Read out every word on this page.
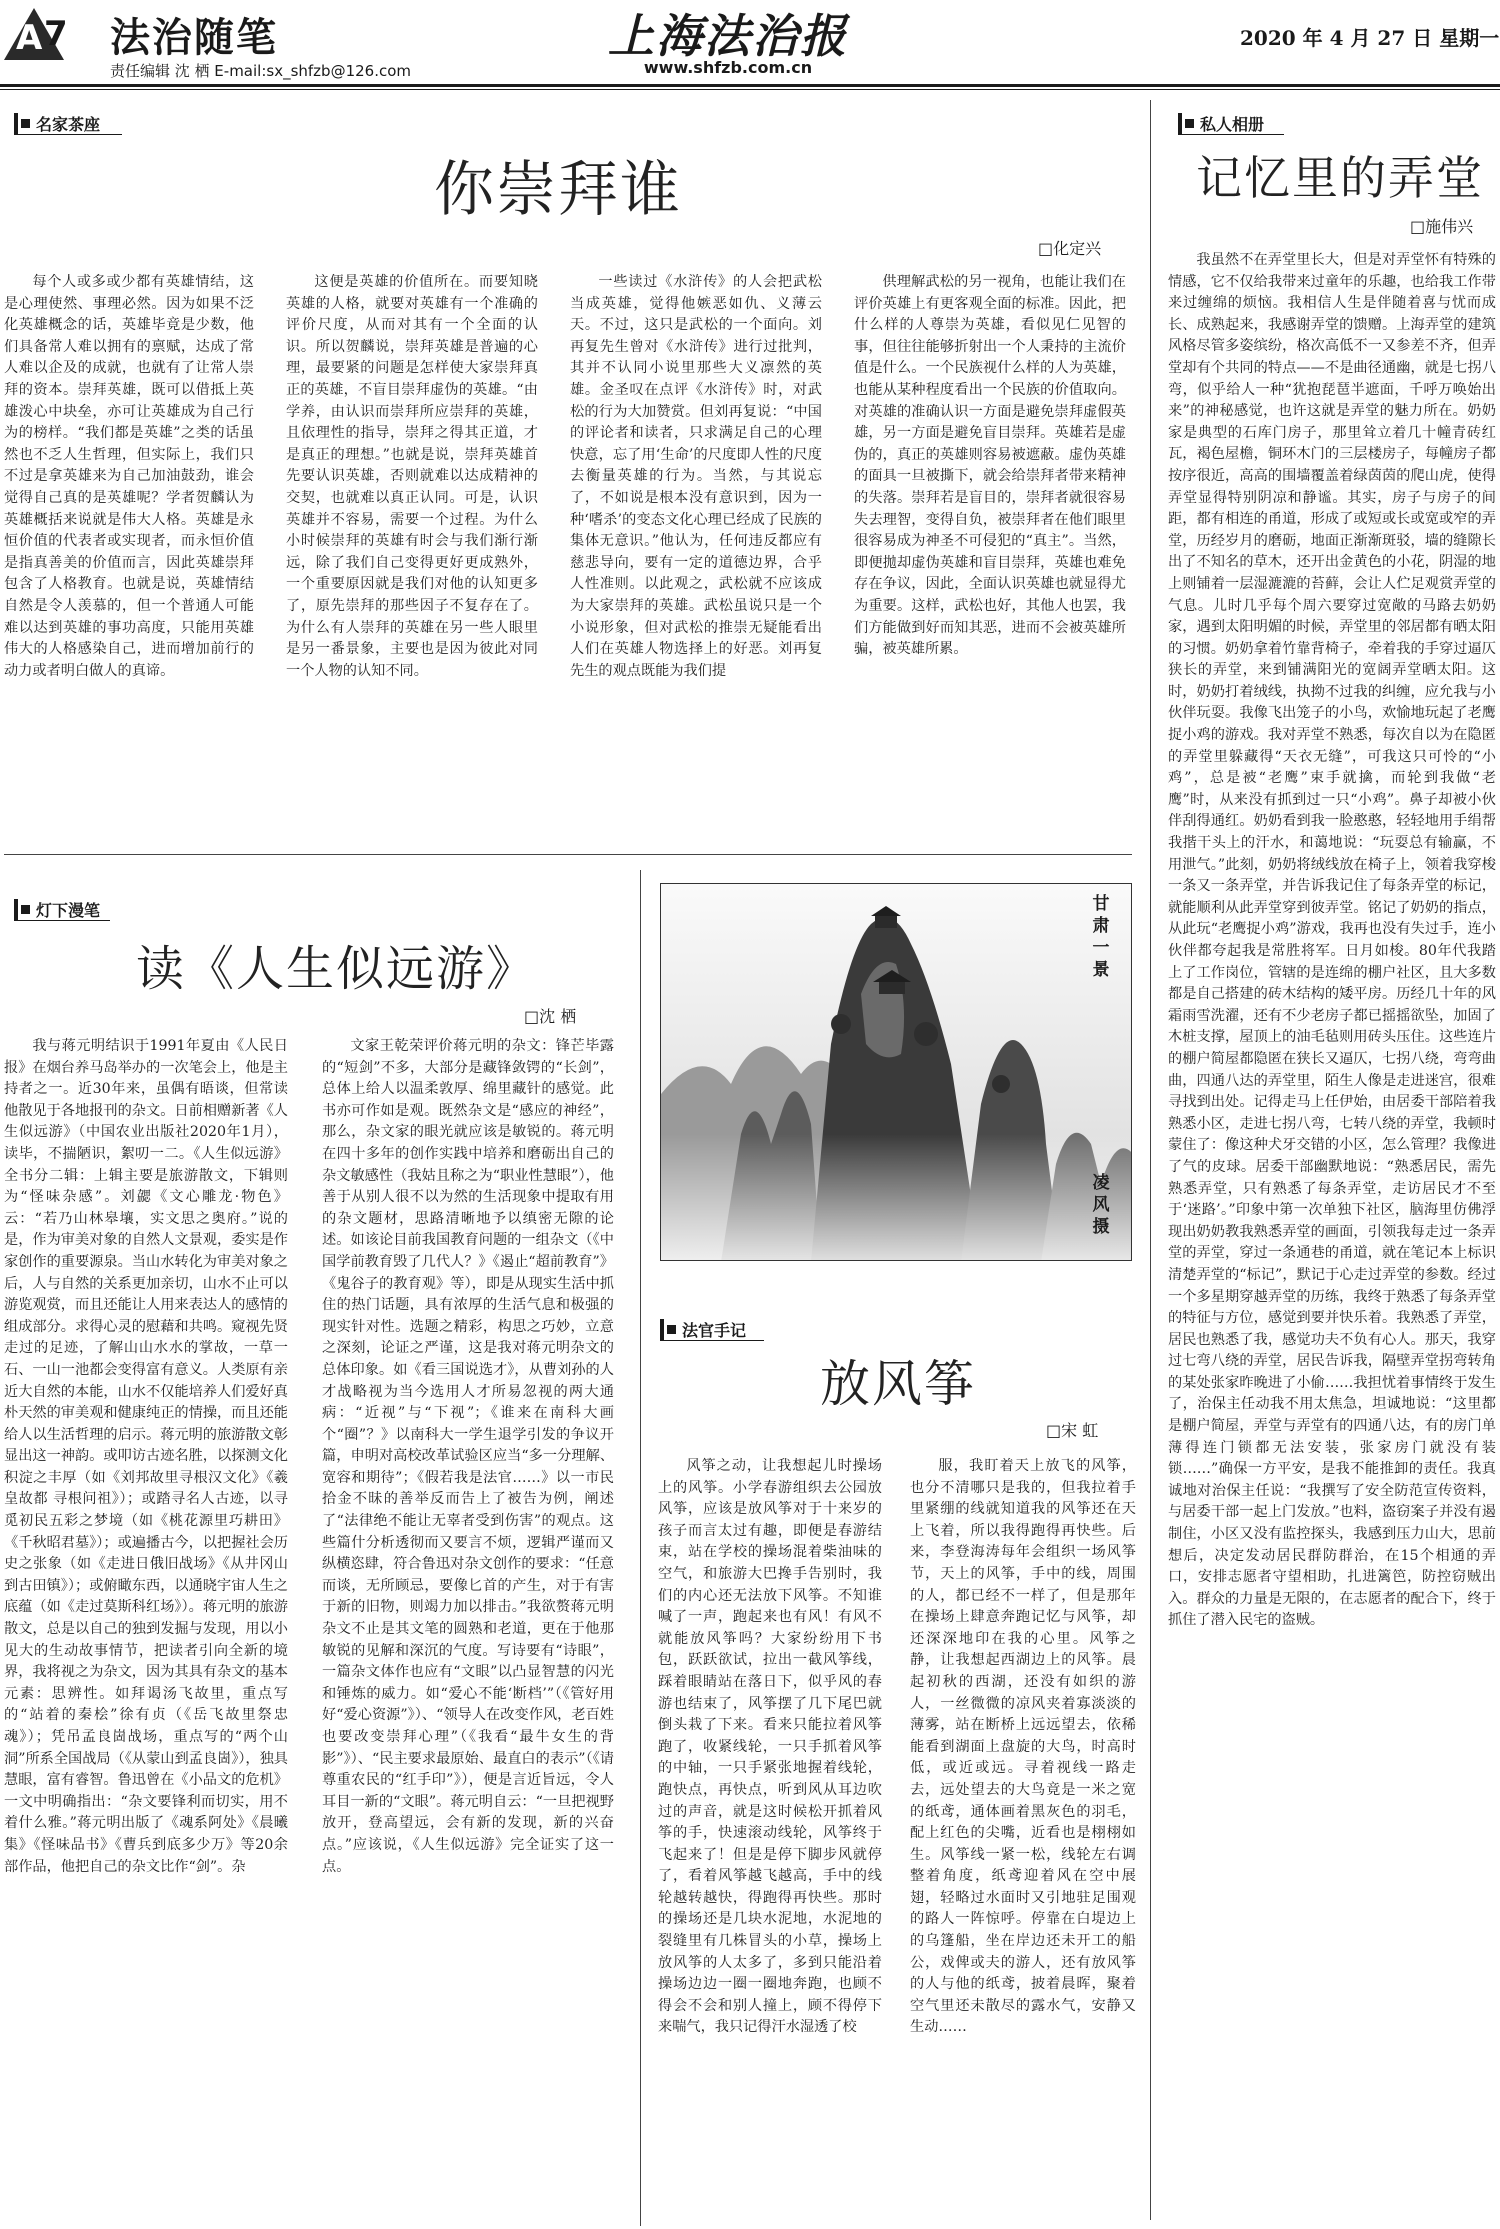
A 7 法治随笔
责任编辑 沈 栖 E-mail:sx_shfzb@126.com
上海法治报
www.shfzb.com.cn
2020 年 4 月 27 日 星期一
名家茶座
你崇拜谁
□化定兴

每个人或多或少都有英雄情结，这是心理使然、事理必然。因为如果不泛化英雄概念的话，英雄毕竟是少数，他们具备常人难以拥有的禀赋，达成了常人难以企及的成就，也就有了让常人崇拜的资本。崇拜英雄，既可以借抵上英雄泼心中块垒，亦可让英雄成为自己行为的榜样。“我们都是英雄”之类的话虽然也不乏人生哲理，但实际上，我们只不过是拿英雄来为自己加油鼓劲，谁会觉得自己真的是英雄呢？学者贺麟认为英雄概括来说就是伟大人格。英雄是永恒价值的代表者或实现者，而永恒价值是指真善美的价值而言，因此英雄崇拜包含了人格教育。也就是说，英雄情结自然是令人羡慕的，但一个普通人可能难以达到英雄的事功高度，只能用英雄伟大的人格感染自己，进而增加前行的动力或者明白做人的真谛。

这便是英雄的价值所在。而要知晓英雄的人格，就要对英雄有一个准确的评价尺度，从而对其有一个全面的认识。所以贺麟说，崇拜英雄是普遍的心理，最要紧的问题是怎样使大家崇拜真正的英雄，不盲目崇拜虚伪的英雄。“由学养，由认识而崇拜所应崇拜的英雄，且依理性的指导，崇拜之得其正道，才是真正的理想。”也就是说，崇拜英雄首先要认识英雄，否则就难以达成精神的交契，也就难以真正认同。可是，认识英雄并不容易，需要一个过程。为什么小时候崇拜的英雄有时会与我们渐行渐远，除了我们自己变得更好更成熟外，一个重要原因就是我们对他的认知更多了，原先崇拜的那些因子不复存在了。为什么有人崇拜的英雄在另一些人眼里是另一番景象，主要也是因为彼此对同一个人物的认知不同。

一些读过《水浒传》的人会把武松当成英雄，觉得他嫉恶如仇、义薄云天。不过，这只是武松的一个面向。刘再复先生曾对《水浒传》进行过批判，其并不认同小说里那些大义凛然的英雄。金圣叹在点评《水浒传》时，对武松的行为大加赞赏。但刘再复说：“中国的评论者和读者，只求满足自己的心理快意，忘了用‘生命’的尺度即人性的尺度去衡量英雄的行为。当然，与其说忘了，不如说是根本没有意识到，因为一种‘嗜杀’的变态文化心理已经成了民族的集体无意识。”他认为，任何违反都应有慈悲导向，要有一定的道德边界，合乎人性准则。以此观之，武松就不应该成为大家崇拜的英雄。武松虽说只是一个小说形象，但对武松的推崇无疑能看出人们在英雄人物选择上的好恶。刘再复先生的观点既能为我们提

供理解武松的另一视角，也能让我们在评价英雄上有更客观全面的标准。因此，把什么样的人尊崇为英雄，看似见仁见智的事，但往往能够折射出一个人秉持的主流价值是什么。一个民族视什么样的人为英雄，也能从某种程度看出一个民族的价值取向。对英雄的准确认识一方面是避免崇拜虚假英雄，另一方面是避免盲目崇拜。英雄若是虚伪的，真正的英雄则容易被遮蔽。虚伪英雄的面具一旦被撕下，就会给崇拜者带来精神的失落。崇拜若是盲目的，崇拜者就很容易失去理智，变得自负，被崇拜者在他们眼里很容易成为神圣不可侵犯的“真主”。当然，即便拋却虚伪英雄和盲目崇拜，英雄也难免存在争议，因此，全面认识英雄也就显得尤为重要。这样，武松也好，其他人也罢，我们方能做到好而知其恶，进而不会被英雄所骗，被英雄所累。

私人相册
记忆里的弄堂
□施伟兴

我虽然不在弄堂里长大，但是对弄堂怀有特殊的情感，它不仅给我带来过童年的乐趣，也给我工作带来过缠绵的烦恼。我相信人生是伴随着喜与忧而成长、成熟起来，我感谢弄堂的馈赠。上海弄堂的建筑风格尽管多姿缤纷，格次高低不一又参差不齐，但弄堂却有个共同的特点——不是曲径通幽，就是七拐八弯，似乎给人一种“犹抱琵琶半遮面，千呼万唤始出来”的神秘感觉，也许这就是弄堂的魅力所在。奶奶家是典型的石库门房子，那里耸立着几十幢青砖红瓦，褐色屋檐，铜环木门的三层楼房子，每幢房子都按序很近，高高的围墙覆盖着绿茵茵的爬山虎，使得弄堂显得特别阴凉和静谧。其实，房子与房子的间距，都有相连的甬道，形成了或短或长或宽或窄的弄堂，历经岁月的磨砺，地面正渐渐斑驳，墙的缝隙长出了不知名的草木，还开出金黄色的小花，阴湿的地上则铺着一层湿漉漉的苔藓，会让人伫足观赏弄堂的气息。儿时几乎每个周六要穿过宽敞的马路去奶奶家，遇到太阳明媚的时候，弄堂里的邻居都有晒太阳的习惯。奶奶拿着竹靠背椅子，牵着我的手穿过逼仄狭长的弄堂，来到铺满阳光的宽阔弄堂晒太阳。这时，奶奶打着绒线，执拗不过我的纠缠，应允我与小伙伴玩耍。我像飞出笼子的小鸟，欢愉地玩起了老鹰捉小鸡的游戏。我对弄堂不熟悉，每次自以为在隐匿的弄堂里躲藏得“天衣无缝”，可我这只可怜的“小鸡”，总是被“老鹰”束手就擒，而轮到我做“老鹰”时，从来没有抓到过一只“小鸡”。鼻子却被小伙伴刮得通红。奶奶看到我一脸憨憨，轻轻地用手绢帮我揩干头上的汗水，和蔼地说：“玩耍总有输赢，不用泄气。”此刻，奶奶将绒线放在椅子上，领着我穿梭一条又一条弄堂，并告诉我记住了每条弄堂的标记，就能顺利从此弄堂穿到彼弄堂。铭记了奶奶的指点，从此玩“老鹰捉小鸡”游戏，我再也没有失过手，连小伙伴都夸起我是常胜将军。日月如梭。80年代我踏上了工作岗位，管辖的是连绵的棚户社区，且大多数都是自己搭建的砖木结构的矮平房。历经几十年的风霜雨雪洗濯，还有不少老房子都已摇摇欲坠，加固了木桩支撑，屋顶上的油毛毡则用砖头压住。这些连片的棚户简屋都隐匿在狭长又逼仄，七拐八绕，弯弯曲曲，四通八达的弄堂里，陌生人像是走进迷宫，很难寻找到出处。记得走马上任伊始，由居委干部陪着我熟悉小区，走进七拐八弯，七转八绕的弄堂，我顿时蒙住了：像这种犬牙交错的小区，怎么管理？我像进了气的皮球。居委干部幽默地说：“熟悉居民，需先熟悉弄堂，只有熟悉了每条弄堂，走访居民才不至于‘迷路’。”印象中第一次单独下社区，脑海里仿佛浮现出奶奶教我熟悉弄堂的画面，引领我每走过一条弄堂的弄堂，穿过一条通巷的甬道，就在笔记本上标识清楚弄堂的“标记”，默记于心走过弄堂的参数。经过一个多星期穿越弄堂的历练，我终于熟悉了每条弄堂的特征与方位，感觉到要并快乐着。我熟悉了弄堂，居民也熟悉了我，感觉功夫不负有心人。那天，我穿过七弯八绕的弄堂，居民告诉我，隔壁弄堂拐弯转角的某处张家昨晚进了小偷……我担忧着事情终于发生了，治保主任动我不用太焦急，坦诚地说：“这里都是棚户简屋，弄堂与弄堂有的四通八达，有的房门单薄得连门锁都无法安装，张家房门就没有装锁……”确保一方平安，是我不能推卸的责任。我真诚地对治保主任说：“我撰写了安全防范宣传资料，与居委干部一起上门发放。”也料，盗窃案子并没有遏制住，小区又没有监控探头，我感到压力山大，思前想后，决定发动居民群防群治，在15个相通的弄口，安排志愿者守望相助，扎进篱笆，防控窃贼出入。群众的力量是无限的，在志愿者的配合下，终于抓住了潜入民宅的盗贼。

灯下漫笔
读《人生似远游》
□沈 栖

我与蒋元明结识于1991年夏由《人民日报》在烟台养马岛举办的一次笔会上，他是主持者之一。近30年来，虽偶有晤谈，但常读他散见于各地报刊的杂文。日前相赠新著《人生似远游》（中国农业出版社2020年1月），读毕，不揣陋识，絮叨一二。《人生似远游》全书分二辑：上辑主要是旅游散文，下辑则为“怪味杂感”。刘勰《文心雕龙·物色》云：“若乃山林皋壤，实文思之奥府。”说的是，作为审美对象的自然人文景观，委实是作家创作的重要源泉。当山水转化为审美对象之后，人与自然的关系更加亲切，山水不止可以游览观赏，而且还能让人用来表达人的感情的组成部分。求得心灵的慰藉和共鸣。窥视先贤走过的足迹，了解山山水水的掌故，一草一石、一山一池都会变得富有意义。人类原有亲近大自然的本能，山水不仅能培养人们爱好真朴天然的审美观和健康纯正的情操，而且还能给人以生活哲理的启示。蒋元明的旅游散文彰显出这一神韵。或叩访古迹名胜，以探测文化积淀之丰厚（如《刘邦故里寻根汉文化》《羲皇故都 寻根问祖》）；或踏寻名人古迹，以寻觅初民五彩之梦境（如《桃花源里巧耕田》《千秋昭君墓》）；或遍播古今，以把握社会历史之张象（如《走进日俄旧战场》《从井冈山到古田镇》）；或俯瞰东西，以通晓宇宙人生之底蕴（如《走过莫斯科红场》）。蒋元明的旅游散文，总是以自己的独到发掘与发现，用以小见大的生动故事情节，把读者引向全新的境界，我将视之为杂文，因为其具有杂文的基本元素：思辨性。如拜谒汤飞故里，重点写的“站着的秦桧”徐有贞（《岳飞故里祭忠魂》）；凭吊孟良崮战场，重点写的“两个山洞”所系全国战局（《从蒙山到孟良崮》），独具慧眼，富有睿智。鲁迅曾在《小品文的危机》一文中明确指出：“杂文要锋利而切实，用不着什么雅。”蒋元明出版了《魂系阿处》《晨曦集》《怪味品书》《曹兵到底多少万》等20余部作品，他把自己的杂文比作“剑”。杂

文家王乾荣评价蒋元明的杂文：锋芒毕露的“短剑”不多，大部分是藏锋敛锷的“长剑”，总体上给人以温柔敦厚、绵里藏针的感觉。此书亦可作如是观。既然杂文是“感应的神经”，那么，杂文家的眼光就应该是敏锐的。蒋元明在四十多年的创作实践中培养和磨砺出自己的杂文敏感性（我姑且称之为“职业性慧眼”），他善于从别人很不以为然的生活现象中提取有用的杂文题材，思路清晰地予以缜密无隙的论述。如该论目前我国教育问题的一组杂文（《中国学前教育毁了几代人？》《遏止“超前教育”》《鬼谷子的教育观》等），即是从现实生活中抓住的热门话题，具有浓厚的生活气息和极强的现实针对性。选题之精彩，构思之巧妙，立意之深刻，论证之严谨，这是我对蒋元明杂文的总体印象。如《看三国说选才》，从曹刘孙的人才战略视为当今选用人才所易忽视的两大通病：“近视”与“下视”；《谁来在南科大画个“圈”？》以南科大一学生退学引发的争议开篇，申明对高校改革试验区应当“多一分理解、宽容和期待”；《假若我是法官……》以一市民拾金不昧的善举反而告上了被告为例，阐述了“法律绝不能让无辜者受到伤害”的观点。这些篇什分析透彻而又要言不烦，逻辑严谨而又纵横恣肆，符合鲁迅对杂文创作的要求：“任意而谈，无所顾忌，要像匕首的产生，对于有害于新的旧物，则竭力加以排击。”我欲赘蒋元明杂文不止是其文笔的圆熟和老道，更在于他那敏锐的见解和深沉的气度。写诗要有“诗眼”，一篇杂文体作也应有“文眼”以凸显智慧的闪光和锤炼的威力。如“爱心不能‘断档’”（《管好用好“爱心资源”》）、“领导人在改变作风，老百姓也要改变崇拜心理”（《我看“最牛女生的背影”》）、“民主要求最原始、最直白的表示”（《请尊重农民的“红手印”》），便是言近旨远，令人耳目一新的“文眼”。蒋元明自云：“一旦把视野放开，登高望远，会有新的发现，新的兴奋点。”应该说，《人生似远游》完全证实了这一点。

甘肃一景
凌风摄
法官手记
放风筝
□宋 虹

风筝之动，让我想起儿时操场上的风筝。小学春游组织去公园放风筝，应该是放风筝对于十来岁的孩子而言太过有趣，即便是春游结束，站在学校的操场混着柴油味的空气，和旅游大巴搀手告别时，我们的内心还无法放下风筝。不知谁喊了一声，跑起来也有风！有风不就能放风筝吗？大家纷纷用下书包，跃跃欲试，拉出一截风筝线，踩着眼睛站在落日下，似乎风的春游也结束了，风筝摆了几下尾巴就倒头栽了下来。看来只能拉着风筝跑了，收紧线轮，一只手抓着风筝的中轴，一只手紧张地握着线轮，跑快点，再快点，听到风从耳边吹过的声音，就是这时候松开抓着风筝的手，快速滚动线轮，风筝终于飞起来了！但是是停下脚步风就停了，看着风筝越飞越高，手中的线轮越转越快，得跑得再快些。那时的操场还是几块水泥地，水泥地的裂缝里有几株冒头的小草，操场上放风筝的人太多了，多到只能沿着操场边边一圈一圈地奔跑，也顾不得会不会和别人撞上，顾不得停下来喘气，我只记得汗水湿透了校

服，我盯着天上放飞的风筝，也分不清哪只是我的，但我拉着手里紧绷的线就知道我的风筝还在天上飞着，所以我得跑得再快些。后来，李登海涛每年会组织一场风筝节，天上的风筝，手中的线，周围的人，都已经不一样了，但是那年在操场上肆意奔跑记忆与风筝，却还深深地印在我的心里。风筝之静，让我想起西湖边上的风筝。晨起初秋的西湖，还没有如织的游人，一丝微微的凉风夹着寡淡淡的薄雾，站在断桥上远远望去，依稀能看到湖面上盘旋的大鸟，时高时低，或近或远。寻着视线一路走去，远处望去的大鸟竟是一米之宽的纸鸢，通体画着黑灰色的羽毛，配上红色的尖嘴，近看也是栩栩如生。风筝线一紧一松，线轮左右调整着角度，纸鸢迎着风在空中展翅，轻略过水面时又引地驻足围观的路人一阵惊呼。停靠在白堤边上的乌篷船，坐在岸边还未开工的船公，戏俾或夫的游人，还有放风筝的人与他的纸鸢，披着晨晖，聚着空气里还未散尽的露水气，安静又生动……
